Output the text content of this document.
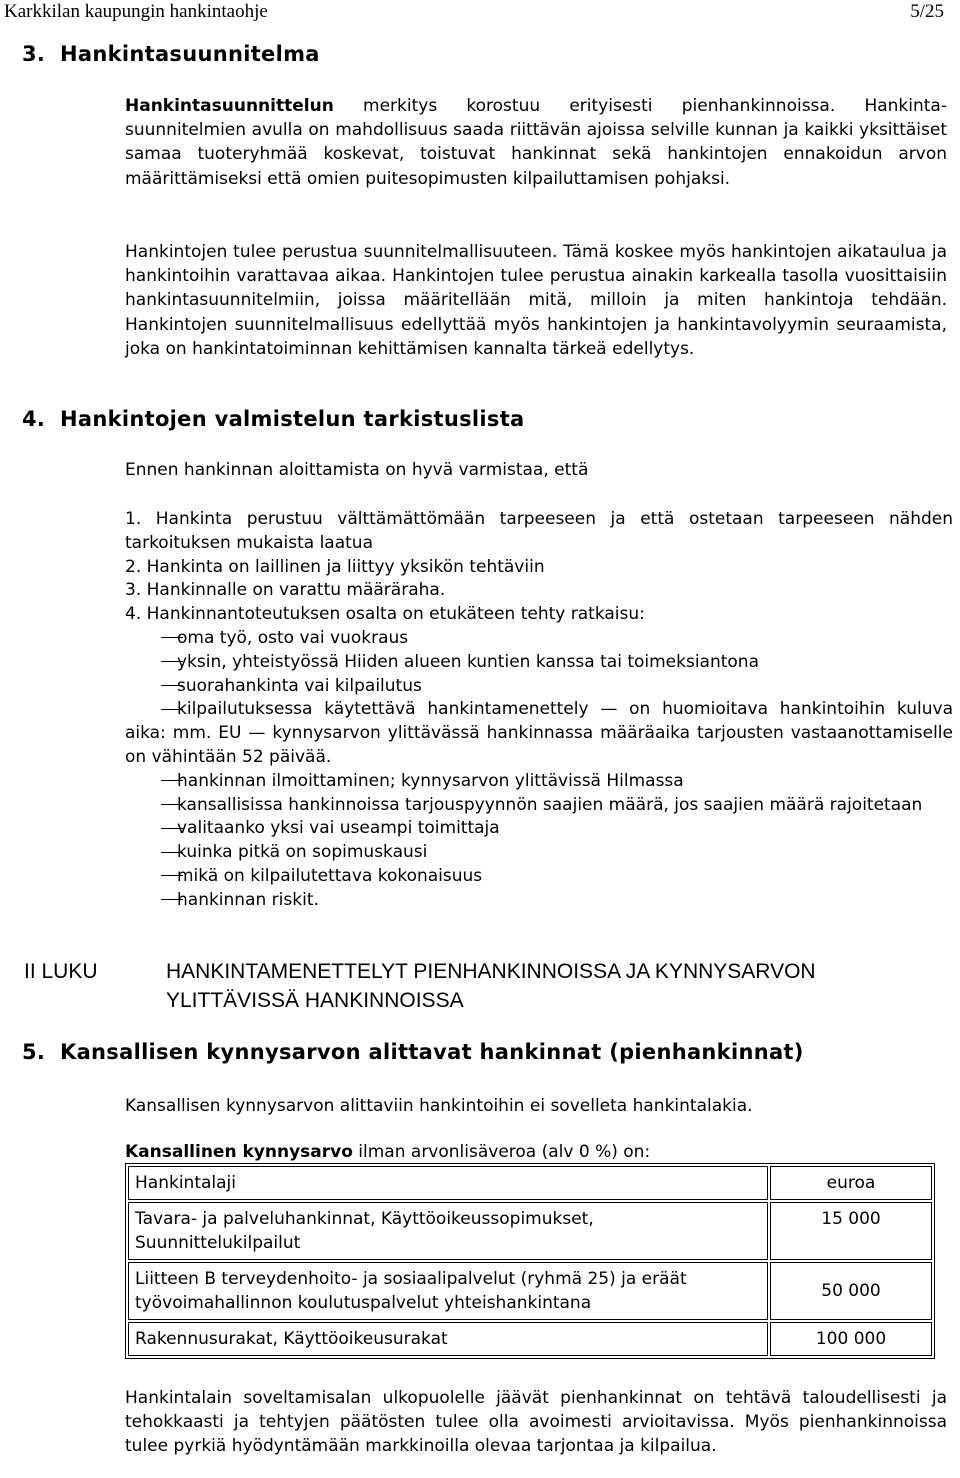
Karkkilan kaupungin hankintaohje	5/25
3. Hankintasuunnitelma

Hankintasuunnittelun merkitys korostuu erityisesti pienhankinnoissa. Hankinta-suunnitelmien avulla on mahdollisuus saada riittävän ajoissa selville kunnan ja kaikki yksittäiset samaa tuoteryhmää koskevat, toistuvat hankinnat sekä hankintojen ennakoidun arvon määrittämiseksi että omien puitesopimusten kilpailuttamisen pohjaksi.

Hankintojen tulee perustua suunnitelmallisuuteen. Tämä koskee myös hankintojen aikataulua ja hankintoihin varattavaa aikaa. Hankintojen tulee perustua ainakin karkealla tasolla vuosittaisiin hankintasuunnitelmiin, joissa määritellään mitä, milloin ja miten hankintoja tehdään. Hankintojen suunnitelmallisuus edellyttää myös hankintojen ja hankintavolyymin seuraamista, joka on hankintatoiminnan kehittämisen kannalta tärkeä edellytys.

4. Hankintojen valmistelun tarkistuslista

Ennen hankinnan aloittamista on hyvä varmistaa, että

1. Hankinta perustuu välttämättömään tarpeeseen ja että ostetaan tarpeeseen nähden tarkoituksen mukaista laatua
2. Hankinta on laillinen ja liittyy yksikön tehtäviin
3. Hankinnalle on varattu määräraha.
4. Hankinnantoteutuksen osalta on etukäteen tehty ratkaisu:
oma työ, osto vai vuokraus
yksin, yhteistyössä Hiiden alueen kuntien kanssa tai toimeksiantona
suorahankinta vai kilpailutus
kilpailutuksessa käytettävä hankintamenettely — on huomioitava hankintoihin kuluva aika: mm. EU — kynnysarvon ylittävässä hankinnassa määräaika tarjousten vastaanottamiselle on vähintään 52 päivää.
hankinnan ilmoittaminen; kynnysarvon ylittävissä Hilmassa
kansallisissa hankinnoissa tarjouspyynnön saajien määrä, jos saajien määrä rajoitetaan
valitaanko yksi vai useampi toimittaja
kuinka pitkä on sopimuskausi
mikä on kilpailutettava kokonaisuus
hankinnan riskit.
II LUKU	HANKINTAMENETTELYT PIENHANKINNOISSA JA KYNNYSARVON YLITTÄVISSÄ HANKINNOISSA
5. Kansallisen kynnysarvon alittavat hankinnat (pienhankinnat)

Kansallisen kynnysarvon alittaviin hankintoihin ei sovelleta hankintalakia.

Kansallinen kynnysarvo ilman arvonlisäveroa (alv 0 %) on:

Hankintalaji	euroa
Tavara- ja palveluhankinnat, Käyttöoikeussopimukset, Suunnittelukilpailut	15 000
Liitteen B terveydenhoito- ja sosiaalipalvelut (ryhmä 25) ja eräät työvoimahallinnon koulutuspalvelut yhteishankintana	50 000
Rakennusurakat, Käyttöoikeusurakat	100 000

Hankintalain soveltamisalan ulkopuolelle jäävät pienhankinnat on tehtävä taloudellisesti ja tehokkaasti ja tehtyjen päätösten tulee olla avoimesti arvioitavissa. Myös pienhankinnoissa tulee pyrkiä hyödyntämään markkinoilla olevaa tarjontaa ja kilpailua.
